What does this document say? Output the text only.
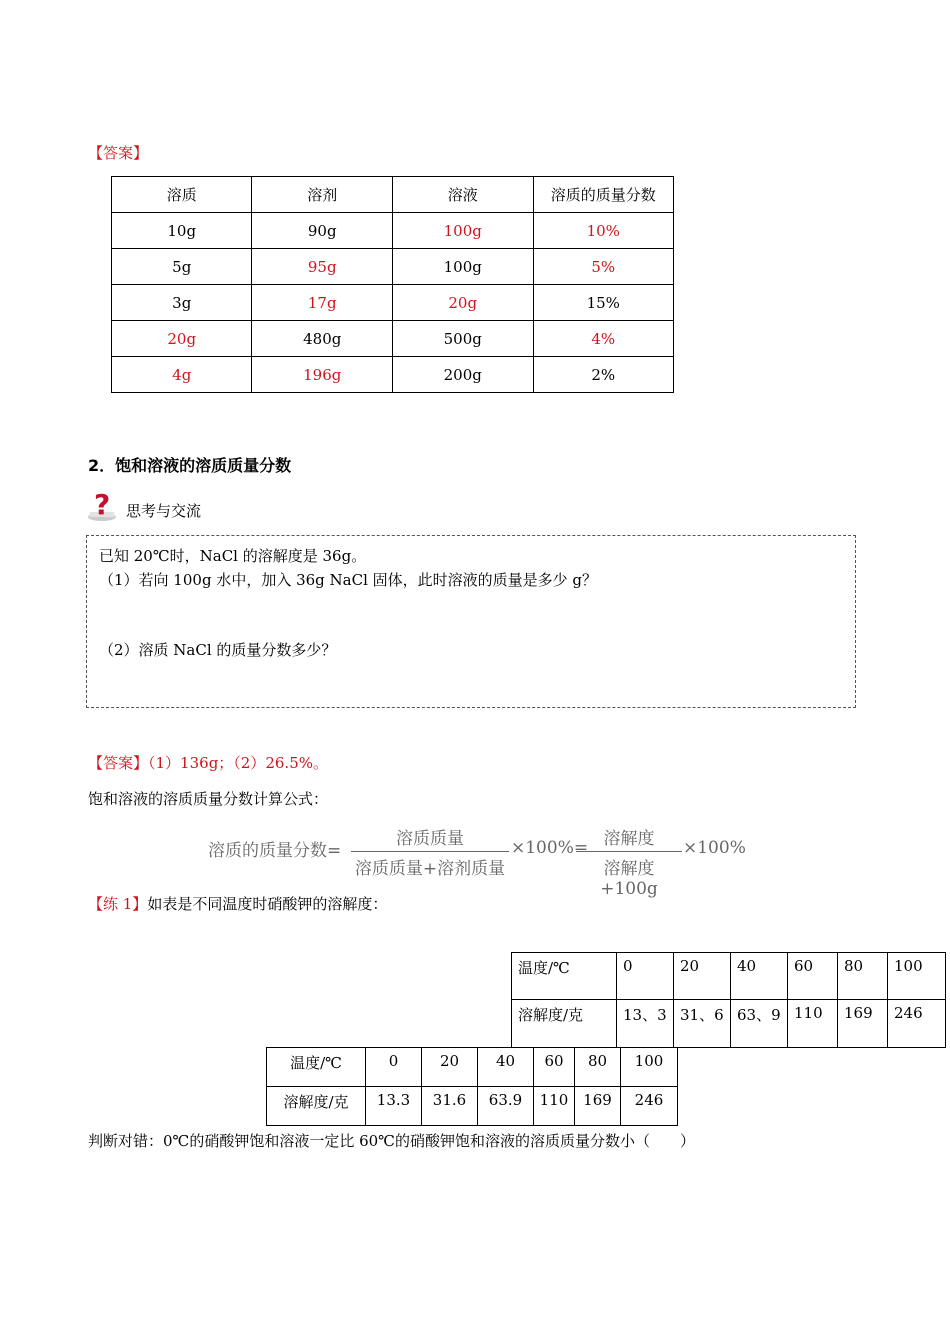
【答案】
溶质	溶剂	溶液	溶质的质量分数
10g	90g	100g	10%
5g	95g	100g	5%
3g	17g	20g	15%
20g	480g	500g	4%
4g	196g	200g	2%
2．饱和溶液的溶质质量分数
? 思考与交流
已知 20℃时，NaCl 的溶解度是 36g。
（1）若向 100g 水中，加入 36g NaCl 固体，此时溶液的质量是多少 g？
（2）溶质 NaCl 的质量分数多少？
【答案】（1）136g；（2）26.5%。
饱和溶液的溶质质量分数计算公式：
溶质的质量分数=
溶质质量
溶质质量+溶剂质量
×100%= 溶解度
溶解度+100g
×100%
【练 1】如表是不同温度时硝酸钾的溶解度：
温度/℃	0	20	40	60	80	100
溶解度/克	13、3	31、6	63、9	110	169	246
温度/℃	0	20	40	60	80	100
溶解度/克	13.3	31.6	63.9	110	169	246
判断对错：0℃的硝酸钾饱和溶液一定比 60℃的硝酸钾饱和溶液的溶质质量分数小（　　）
